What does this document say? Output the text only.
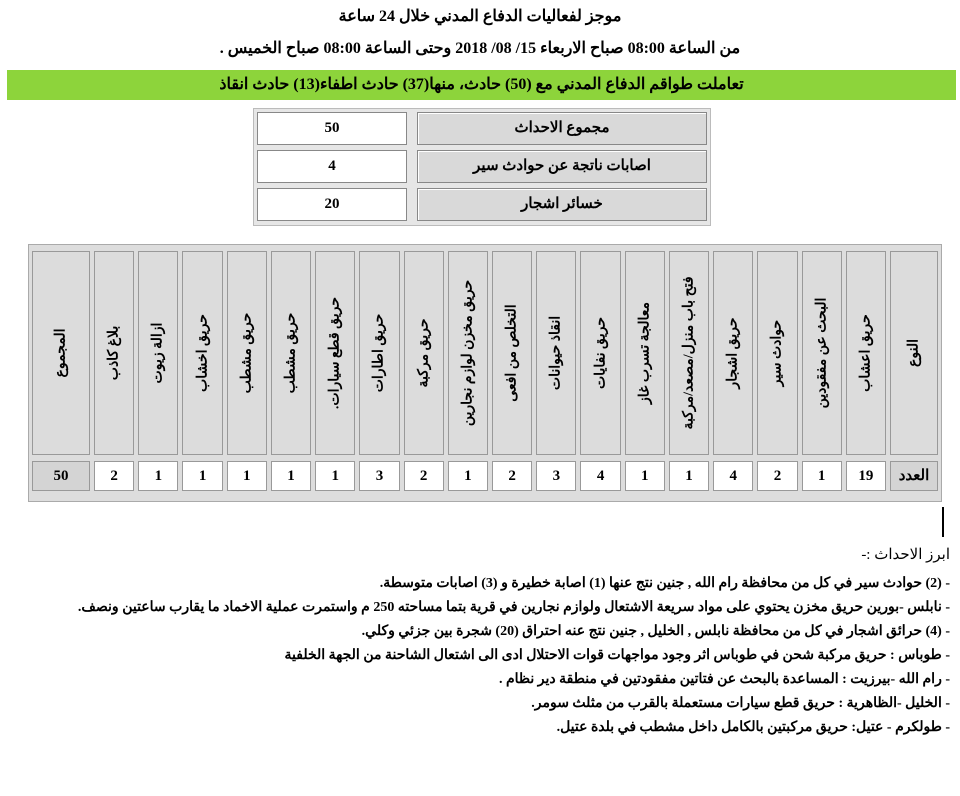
موجز لفعاليات الدفاع المدني خلال 24 ساعة
من الساعة 08:00 صباح الاربعاء 15/ 08/ 2018 وحتى الساعة 08:00 صباح الخميس .
تعاملت طواقم الدفاع المدني مع (50) حادث، منها(37) حادث اطفاء(13) حادث انقاذ
مجموع الاحداث
50
اصابات ناتجة عن حوادث سير
4
خسائر اشجار
20
النوع
العدد
حريق اعشاب
19
البحث عن مفقودين
1
حوادث سير
2
حريق اشجار
4
فتح باب منزل/مصعد/مركبة
1
معالجة تسرب غاز
1
حريق نفايات
4
انقاذ حيوانات
3
التخلص من افعى
2
حريق مخزن لوازم نجارين
1
حريق مركبة
2
حريق اطارات
3
حريق قطع سيارات.
1
حريق مشطب
1
حريق مشطب
1
حريق اخشاب
1
ازالة زيوت
1
بلاغ كاذب
2
المجموع
50
ابرز الاحداث :-
- (2) حوادث سير في كل من محافظة رام الله , جنين نتج عنها (1) اصابة خطيرة و (3) اصابات متوسطة.
- نابلس -بورين حريق مخزن يحتوي على مواد سريعة الاشتعال ولوازم نجارين في قرية بتما مساحته 250 م واستمرت عملية الاخماد ما يقارب ساعتين ونصف.
- (4) حرائق اشجار في كل من محافظة نابلس , الخليل , جنين نتج عنه احتراق (20) شجرة بين جزئي وكلي.
- طوباس : حريق مركبة شحن في طوباس اثر وجود مواجهات قوات الاحتلال ادى الى اشتعال الشاحنة من الجهة الخلفية
- رام الله -بيرزيت : المساعدة بالبحث عن فتاتين مفقودتين في منطقة دير نظام .
- الخليل -الظاهرية : حريق قطع سيارات مستعملة بالقرب من مثلث سومر.
- طولكرم - عتيل: حريق مركبتين بالكامل داخل مشطب في بلدة عتيل.
